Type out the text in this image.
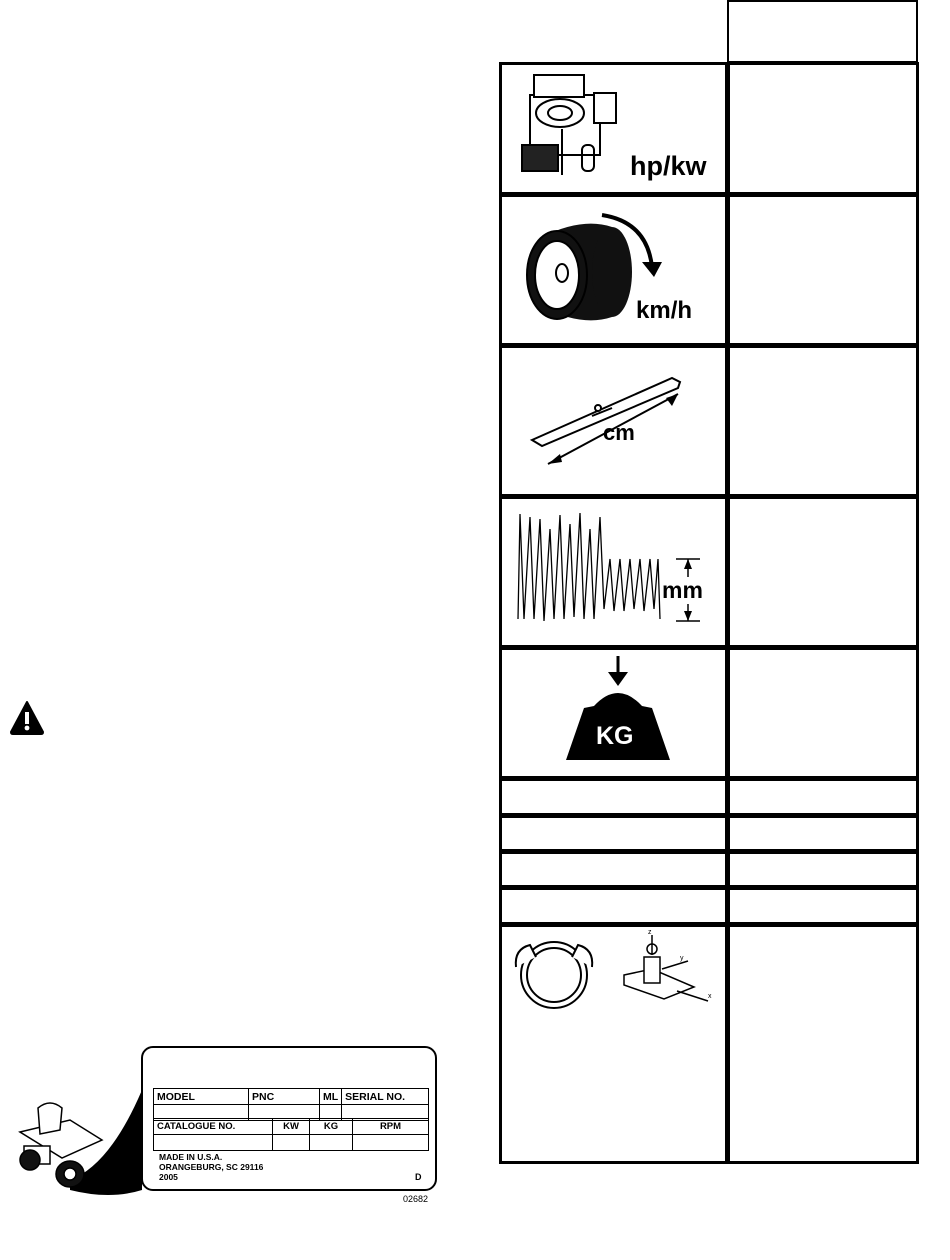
hp/kw
km/h
cm
mm
KG
z
y
x
MODEL	PNC	ML	SERIAL NO.

CATALOGUE NO.	KW	KG	RPM

MADE IN U.S.A.
ORANGEBURG, SC 29116
2005	D
02682
